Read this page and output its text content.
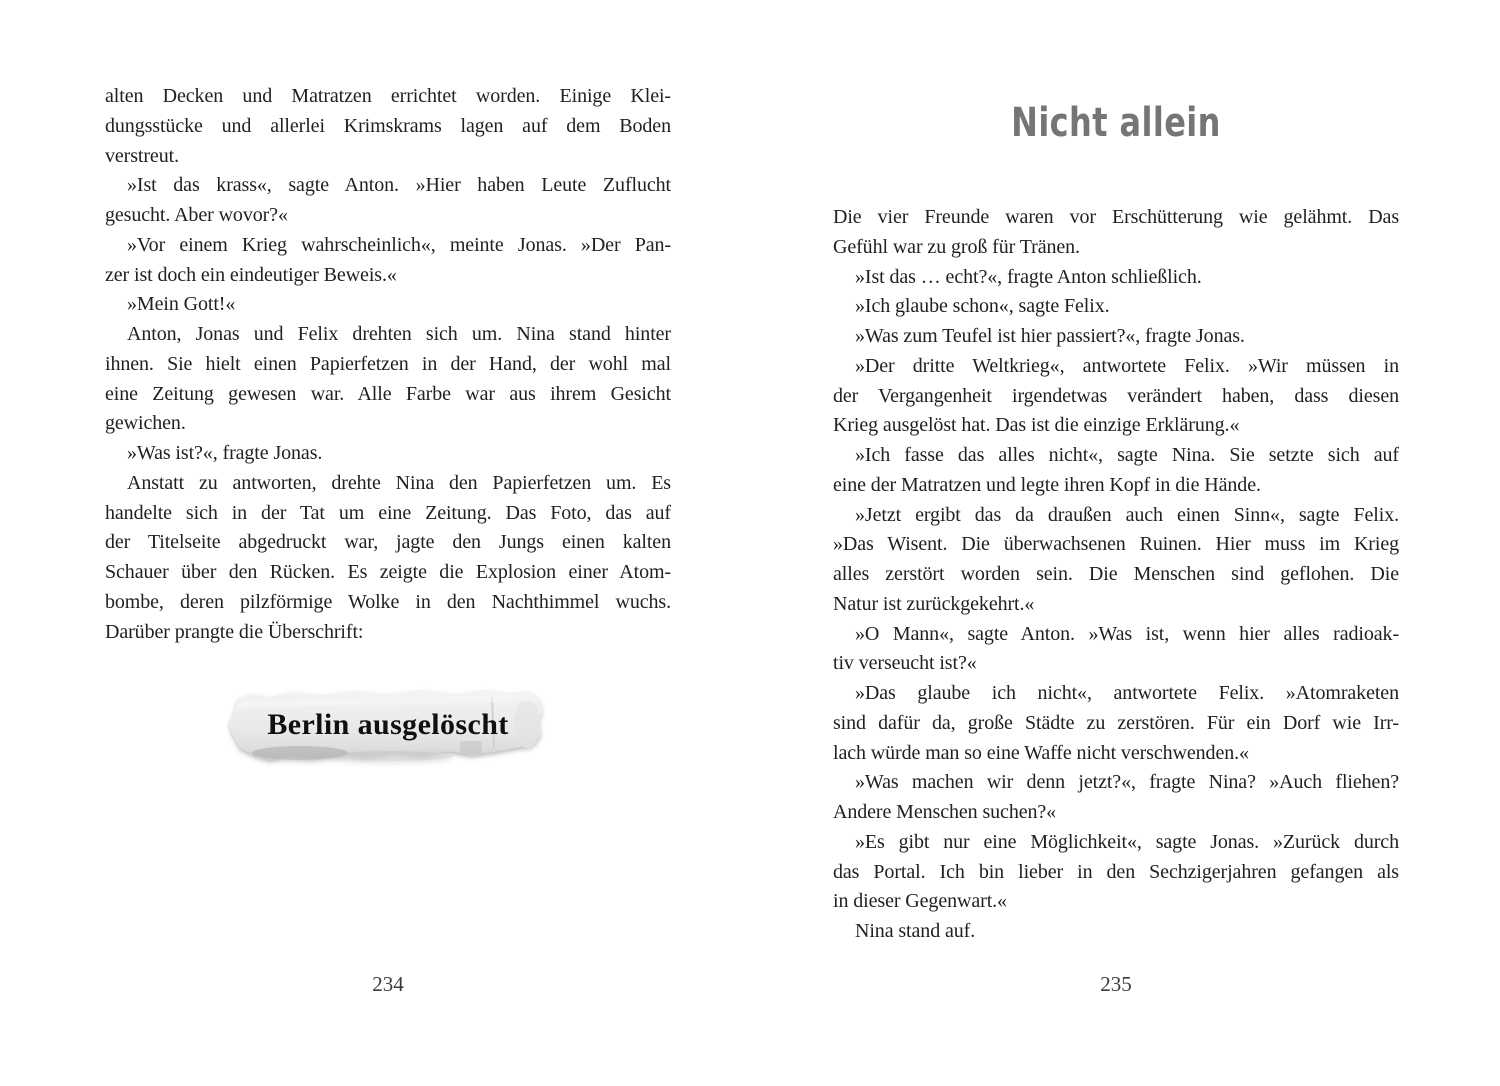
alten Decken und Matratzen errichtet worden. Einige Klei-
dungsstücke und allerlei Krimskrams lagen auf dem Boden
verstreut.
»Ist das krass«, sagte Anton. »Hier haben Leute Zuflucht
gesucht. Aber wovor?«
»Vor einem Krieg wahrscheinlich«, meinte Jonas. »Der Pan-
zer ist doch ein eindeutiger Beweis.«
»Mein Gott!«
Anton, Jonas und Felix drehten sich um. Nina stand hinter
ihnen. Sie hielt einen Papierfetzen in der Hand, der wohl mal
eine Zeitung gewesen war. Alle Farbe war aus ihrem Gesicht
gewichen.
»Was ist?«, fragte Jonas.
Anstatt zu antworten, drehte Nina den Papierfetzen um. Es
handelte sich in der Tat um eine Zeitung. Das Foto, das auf
der Titelseite abgedruckt war, jagte den Jungs einen kalten
Schauer über den Rücken. Es zeigte die Explosion einer Atom-
bombe, deren pilzförmige Wolke in den Nachthimmel wuchs.
Darüber prangte die Überschrift:
Berlin ausgelöscht
234
Nicht allein
Die vier Freunde waren vor Erschütterung wie gelähmt. Das
Gefühl war zu groß für Tränen.
»Ist das … echt?«, fragte Anton schließlich.
»Ich glaube schon«, sagte Felix.
»Was zum Teufel ist hier passiert?«, fragte Jonas.
»Der dritte Weltkrieg«, antwortete Felix. »Wir müssen in
der Vergangenheit irgendetwas verändert haben, dass diesen
Krieg ausgelöst hat. Das ist die einzige Erklärung.«
»Ich fasse das alles nicht«, sagte Nina. Sie setzte sich auf
eine der Matratzen und legte ihren Kopf in die Hände.
»Jetzt ergibt das da draußen auch einen Sinn«, sagte Felix.
»Das Wisent. Die überwachsenen Ruinen. Hier muss im Krieg
alles zerstört worden sein. Die Menschen sind geflohen. Die
Natur ist zurückgekehrt.«
»O Mann«, sagte Anton. »Was ist, wenn hier alles radioak-
tiv verseucht ist?«
»Das glaube ich nicht«, antwortete Felix. »Atomraketen
sind dafür da, große Städte zu zerstören. Für ein Dorf wie Irr-
lach würde man so eine Waffe nicht verschwenden.«
»Was machen wir denn jetzt?«, fragte Nina? »Auch fliehen?
Andere Menschen suchen?«
»Es gibt nur eine Möglichkeit«, sagte Jonas. »Zurück durch
das Portal. Ich bin lieber in den Sechzigerjahren gefangen als
in dieser Gegenwart.«
Nina stand auf.
235
